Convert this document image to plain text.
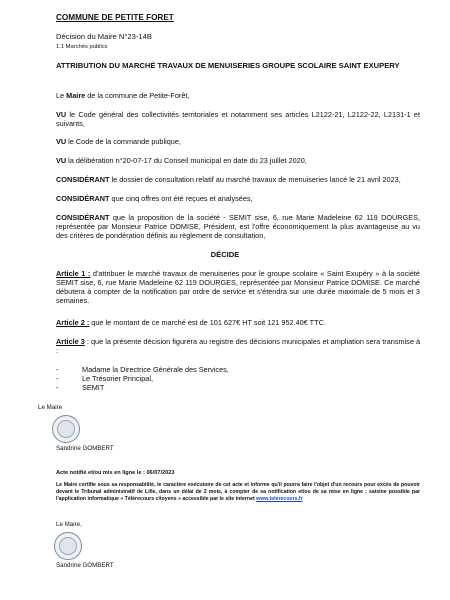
COMMUNE DE PETITE FORET
Décision du Maire N°23-14B
1.1 Marchés publics
ATTRIBUTION DU MARCHÉ TRAVAUX DE MENUISERIES GROUPE SCOLAIRE SAINT EXUPERY
Le Maire de la commune de Petite-Forêt,
VU le Code général des collectivités territoriales et notamment ses articles L2122-21, L2122-22, L2131-1 et suivants,
VU le Code de la commande publique,
VU la délibération n°20-07-17 du Conseil municipal en date du 23 juillet 2020,
CONSIDÉRANT le dossier de consultation relatif au marché travaux de menuiseries lancé le 21 avril 2023,
CONSIDÉRANT que cinq offres ont été reçues et analysées,
CONSIDÉRANT que la proposition de la société - SEMIT sise, 6, rue Marie Madeleine 62 119 DOURGES, représentée par Monsieur Patrice DOMISE, Président, est l'offre économiquement la plus avantageuse au vu des critères de pondération définis au règlement de consultation,
DÉCIDE
Article 1 : d'attribuer le marché travaux de menuiseries pour le groupe scolaire « Saint Exupéry » à la société SEMIT sise, 6, rue Marie Madeleine 62 119 DOURGES, représentée par Monsieur Patrice DOMISE. Ce marché débutera à compter de la notification par ordre de service et s'étendra sur une durée maximale de 5 mois et 3 semaines.
Article 2 : que le montant de ce marché est de 101 627€ HT soit 121 952.40€ TTC.
Article 3 : que la présente décision figurera au registre des décisions municipales et ampliation sera transmise à :
-	Madame la Directrice Générale des Services,
-	Le Trésorier Principal,
-	SEMIT
Le Maire
Sandrine GOMBERT
Acte notifié et/ou mis en ligne le : 06/07/2023
Le Maire certifie sous sa responsabilité, le caractère exécutoire de cet acte et informe qu'il pourra faire l'objet d'un recours pour excès de pouvoir devant le Tribunal administratif de Lille, dans un délai de 2 mois, à compter de sa notification et/ou de sa mise en ligne ; saisine possible par l'application informatique « Télérecours citoyens » accessible par le site internet www.telerecours.fr
Le Maire,
Sandrine GOMBERT
